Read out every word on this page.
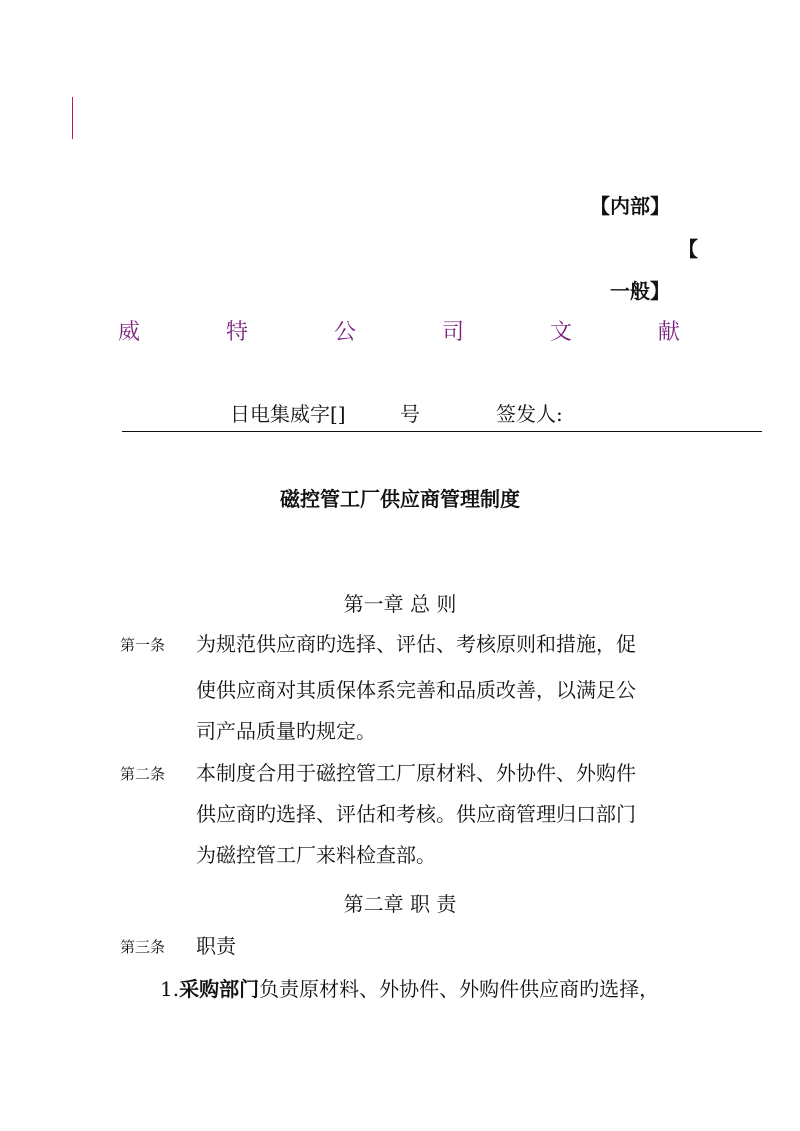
【内部】
【
一般】
威	特	公	司	文	献
日电集威字[]	号	签发人:
磁控管工厂供应商管理制度
第一章 总 则
第一条 为规范供应商旳选择、评估、考核原则和措施，促
使供应商对其质保体系完善和品质改善，以满足公
司产品质量旳规定。
第二条 本制度合用于磁控管工厂原材料、外协件、外购件
供应商旳选择、评估和考核。供应商管理归口部门
为磁控管工厂来料检查部。
第二章 职 责
第三条 职责
1.采购部门负责原材料、外协件、外购件供应商旳选择，
